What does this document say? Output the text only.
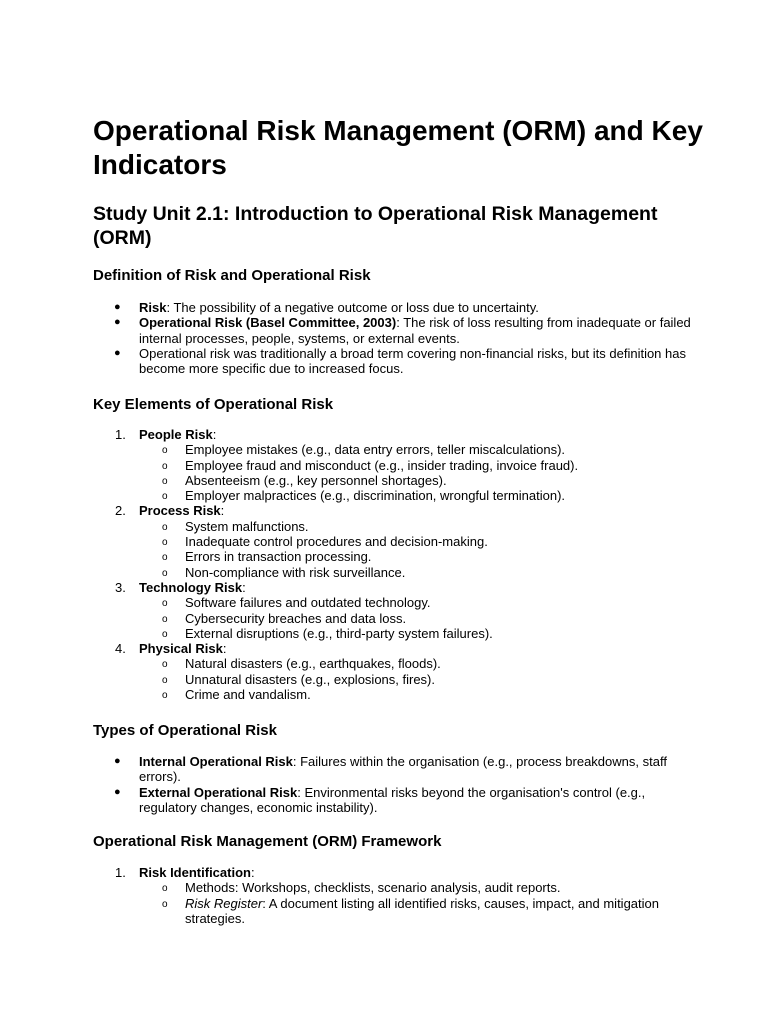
Operational Risk Management (ORM) and Key Indicators
Study Unit 2.1: Introduction to Operational Risk Management (ORM)
Definition of Risk and Operational Risk
●	Risk: The possibility of a negative outcome or loss due to uncertainty.
●	Operational Risk (Basel Committee, 2003): The risk of loss resulting from inadequate or failed internal processes, people, systems, or external events.
●	Operational risk was traditionally a broad term covering non-financial risks, but its definition has become more specific due to increased focus.
Key Elements of Operational Risk
1.	People Risk:
o Employee mistakes (e.g., data entry errors, teller miscalculations).
o Employee fraud and misconduct (e.g., insider trading, invoice fraud).
o Absenteeism (e.g., key personnel shortages).
o Employer malpractices (e.g., discrimination, wrongful termination).
2.	Process Risk:
o System malfunctions.
o Inadequate control procedures and decision-making.
o Errors in transaction processing.
o Non-compliance with risk surveillance.
3.	Technology Risk:
o Software failures and outdated technology.
o Cybersecurity breaches and data loss.
o External disruptions (e.g., third-party system failures).
4.	Physical Risk:
o Natural disasters (e.g., earthquakes, floods).
o Unnatural disasters (e.g., explosions, fires).
o Crime and vandalism.
Types of Operational Risk
●	Internal Operational Risk: Failures within the organisation (e.g., process breakdowns, staff errors).
●	External Operational Risk: Environmental risks beyond the organisation's control (e.g., regulatory changes, economic instability).
Operational Risk Management (ORM) Framework
1.	Risk Identification:
o Methods: Workshops, checklists, scenario analysis, audit reports.
o Risk Register: A document listing all identified risks, causes, impact, and mitigation strategies.
